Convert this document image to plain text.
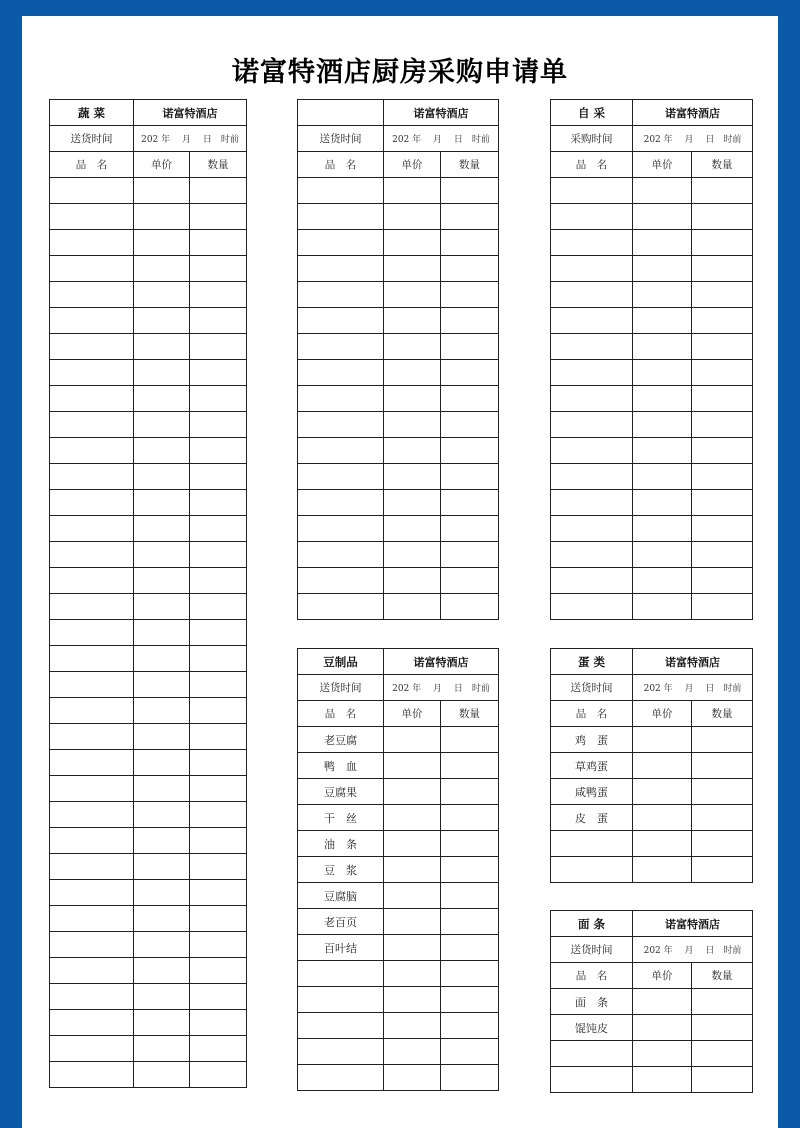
诺富特酒店厨房采购申请单
蔬 菜	诺富特酒店	
送货时间	202 年　 月　 日　时前	
品　名	单价	数量

	诺富特酒店	
送货时间	202 年　 月　 日　时前	
品　名	单价	数量

自 采	诺富特酒店	
采购时间	202 年　 月　 日　时前	
品　名	单价	数量

豆制品	诺富特酒店	
送货时间	202 年　 月　 日　时前	
品　名	单价	数量
老豆腐		
鸭　血		
豆腐果		
干　丝		
油　条		
豆　浆		
豆腐脑		
老百页		
百叶结		

蛋 类	诺富特酒店	
送货时间	202 年　 月　 日　时前	
品　名	单价	数量
鸡　蛋		
草鸡蛋		
咸鸭蛋		
皮　蛋		

面 条	诺富特酒店	
送货时间	202 年　 月　 日　时前	
品　名	单价	数量
面　条		
馄饨皮		
